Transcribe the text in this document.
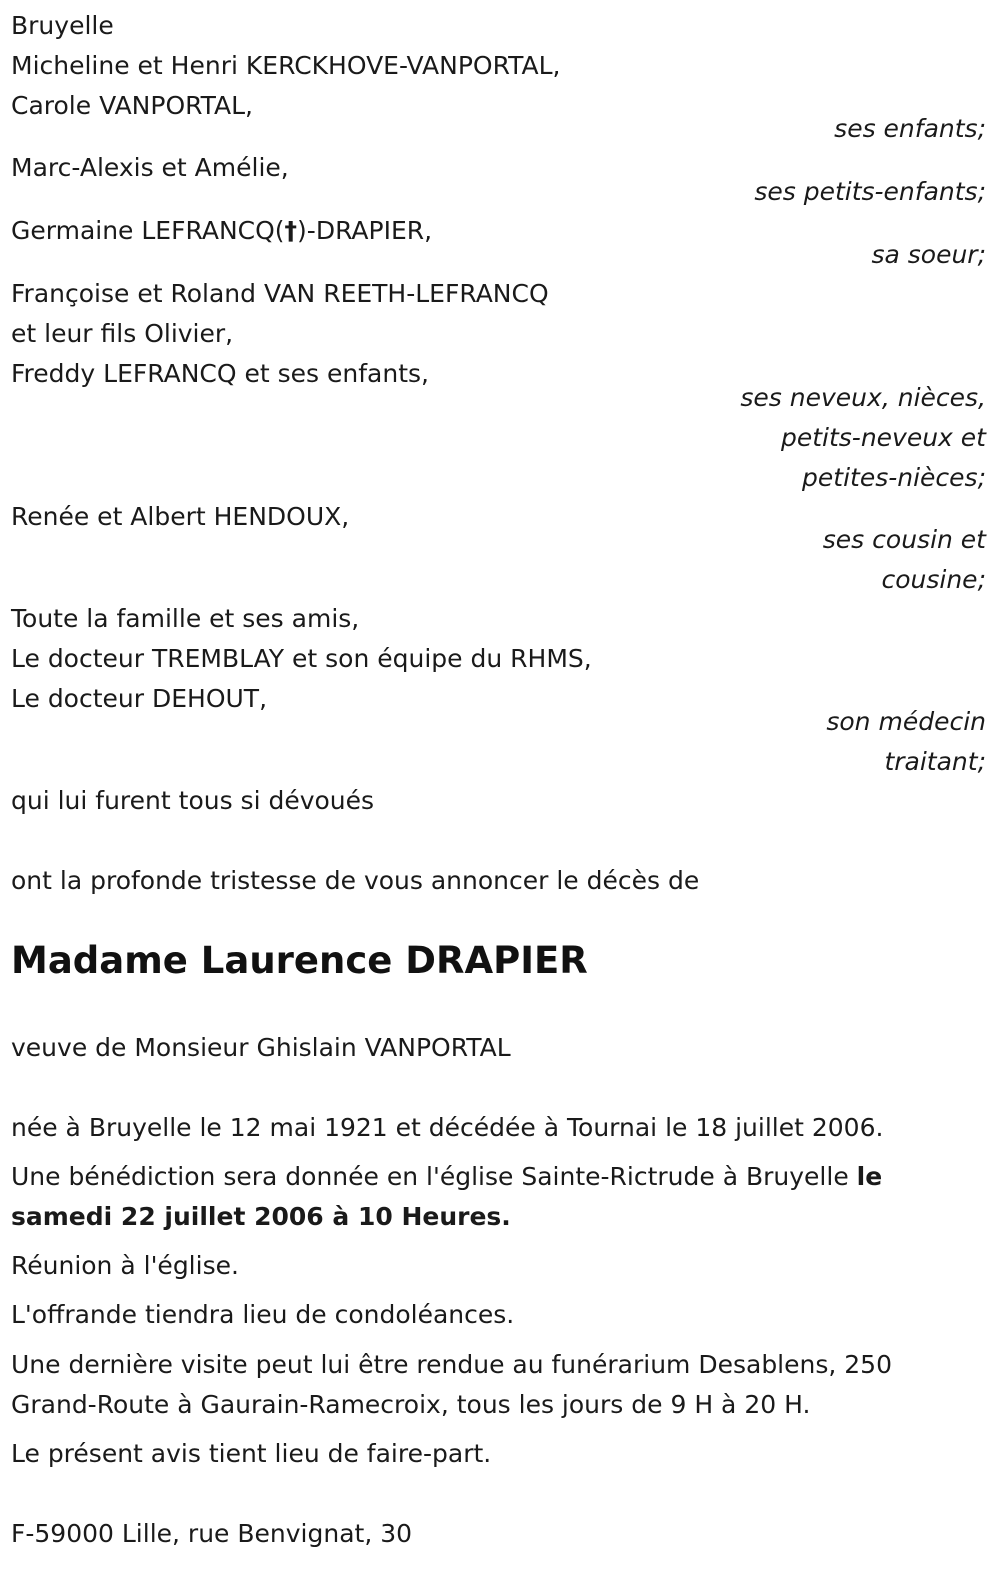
Bruyelle
Micheline et Henri KERCKHOVE-VANPORTAL,
Carole VANPORTAL,
ses enfants;
Marc-Alexis et Amélie,
ses petits-enfants;
Germaine LEFRANCQ(†)-DRAPIER,
sa soeur;
Françoise et Roland VAN REETH-LEFRANCQ
et leur fils Olivier,
Freddy LEFRANCQ et ses enfants,
ses neveux, nièces,
petits-neveux et
petites-nièces;
Renée et Albert HENDOUX,
ses cousin et
cousine;
Toute la famille et ses amis,
Le docteur TREMBLAY et son équipe du RHMS,
Le docteur DEHOUT,
son médecin
traitant;
qui lui furent tous si dévoués
ont la profonde tristesse de vous annoncer le décès de
Madame Laurence DRAPIER
veuve de Monsieur Ghislain VANPORTAL
née à Bruyelle le 12 mai 1921 et décédée à Tournai le 18 juillet 2006.
Une bénédiction sera donnée en l'église Sainte-Rictrude à Bruyelle le samedi 22 juillet 2006 à 10 Heures.
Réunion à l'église.
L'offrande tiendra lieu de condoléances.
Une dernière visite peut lui être rendue au funérarium Desablens, 250 Grand-Route à Gaurain-Ramecroix, tous les jours de 9 H à 20 H.
Le présent avis tient lieu de faire-part.
F-59000 Lille, rue Benvignat, 30
